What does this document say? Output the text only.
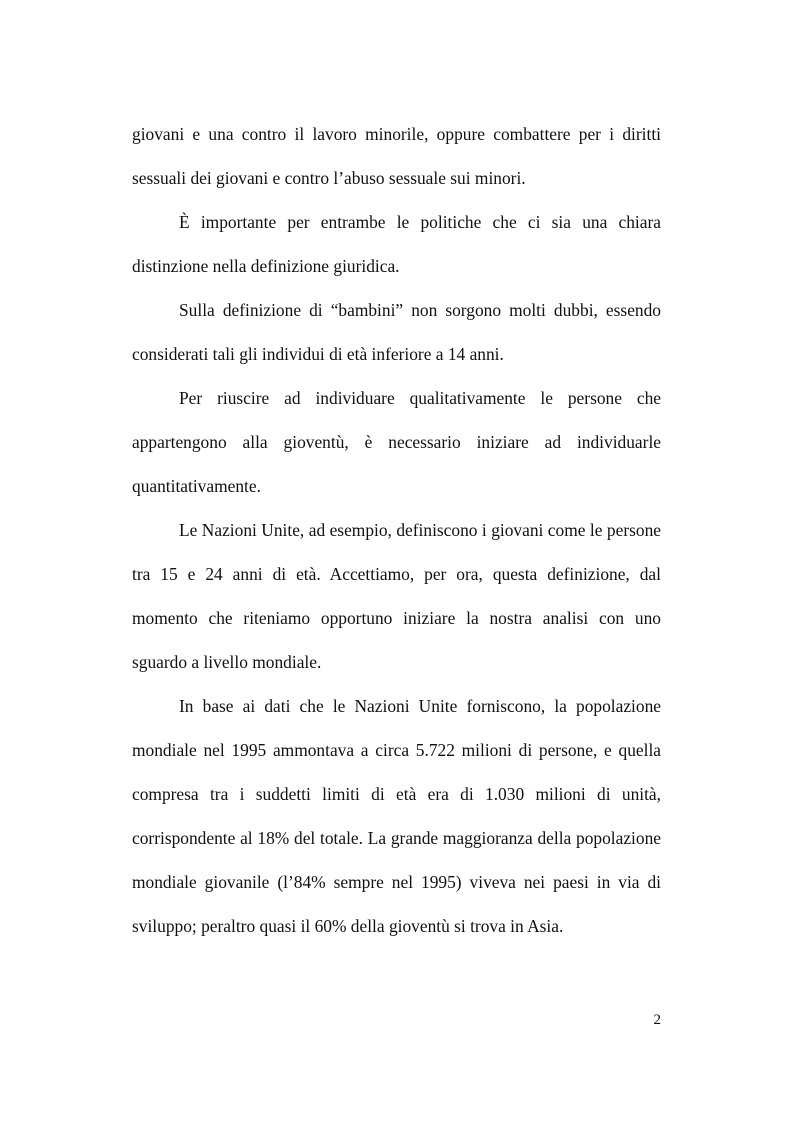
giovani e una contro il lavoro minorile, oppure combattere per i diritti sessuali dei giovani e contro l’abuso sessuale sui minori.

È importante per entrambe le politiche che ci sia una chiara distinzione nella definizione giuridica.

Sulla definizione di “bambini” non sorgono molti dubbi, essendo considerati tali gli individui di età inferiore a 14 anni.

Per riuscire ad individuare qualitativamente le persone che appartengono alla gioventù, è necessario iniziare ad individuarle quantitativamente.

Le Nazioni Unite, ad esempio, definiscono i giovani come le persone tra 15 e 24 anni di età. Accettiamo, per ora, questa definizione, dal momento che riteniamo opportuno iniziare la nostra analisi con uno sguardo a livello mondiale.

In base ai dati che le Nazioni Unite forniscono, la popolazione mondiale nel 1995 ammontava a circa 5.722 milioni di persone, e quella compresa tra i suddetti limiti di età era di 1.030 milioni di unità, corrispondente al 18% del totale. La grande maggioranza della popolazione mondiale giovanile (l’84% sempre nel 1995) viveva nei paesi in via di sviluppo; peraltro quasi il 60% della gioventù si trova in Asia.

2
